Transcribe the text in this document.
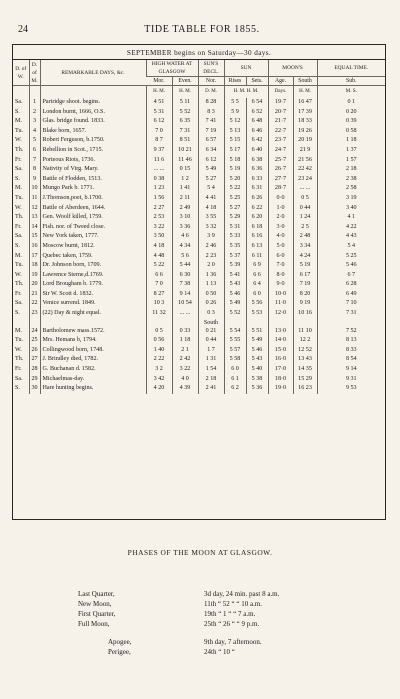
24	TIDE TABLE FOR 1855.
SEPTEMBER begins on Saturday—30 days.
D. of W.	D. of M.	REMARKABLE DAYS, &c.	HIGH WATER AT GLASGOW		SUN'S DECL.	SUN		MOON'S		EQUAL TIME.
			Mor.	Even.	Nor.	Rises	Sets.	Age.	South	Sub.
			H. M.	H. M.	D. M.	H. M. H. M.		Days.	H. M.	M. S.
Sa.	1	Partridge shoot. begins.	4 51	5 11	8 28	5 5	6 54	19·7	16 47	0 1
S.	2	London burnt, 1666, O.S.	5 31	5 52	8 3	5 9	6 52	20·7	17 39	0 20
M.	3	Glas. bridge found. 1833.	6 12	6 35	7 41	5 12	6 48	21·7	18 33	0 39
Tu.	4	Blake born, 1657.	7 0	7 31	7 19	5 13	6 46	22·7	19 26	0 58
W.	5	Robert Ferguson, b.1750.	8 7	8 51	6 57	5 15	6 42	23·7	20 19	1 18
Th.	6	Rebellion in Scot., 1715.	9 37	10 21	6 34	5 17	6 40	24·7	21 9	1 37
Fr.	7	Porteous Riots, 1736.	11 6	11 46	6 12	5 18	6 38	25·7	21 56	1 57
Sa.	8	Nativity of Virg. Mary.	... ...	0 15	5 49	5 19	6 36	26·7	22 42	2 18
S.	9	Battle of Flodden, 1513.	0 38	1 2	5 27	5 20	6 33	27·7	23 24	2 38
M.	10	Mungo Park b. 1771.	1 23	1 41	5 4	5 22	6 31	28·7	... ...	2 58
Tu.	11	J.Thomson,poet, b.1700.	1 56	2 11	4 41	5 25	6 26	0·0	0 5	3 19
W.	12	Battle of Aberdeen, 1644.	2 27	2 49	4 18	5 27	6 22	1·0	0 44	3 40
Th.	13	Gen. Woolf killed, 1759.	2 53	3 10	3 55	5 29	6 20	2·0	1 24	4 1
Fr.	14	Fish. nor. of Tweed close.	3 22	3 36	3 32	5 31	6 18	3·0	2 5	4 22
Sa.	15	New York taken, 1777.	3 50	4 6	3 9	5 33	6 16	4·0	2 48	4 43
S.	16	Moscow burnt, 1812.	4 18	4 34	2 46	5 35	6 13	5·0	3 34	5 4
M.	17	Quebec taken, 1759.	4 48	5 6	2 23	5 37	6 11	6·0	4 24	5 25
Tu.	18	Dr. Johnson born, 1709.	5 22	5 44	2 0	5 39	6 9	7·0	5 19	5 46
W.	19	Lawrence Sterne,d.1769.	6 6	6 30	1 36	5 41	6 6	8·0	6 17	6 7
Th.	20	Lord Brougham b. 1779.	7 0	7 38	1 13	5 43	6 4	9·0	7 19	6 28
Fr.	21	Sir W. Scott d. 1832.	8 27	9 14	0 50	5 46	6 0	10·0	8 20	6 49
Sa.	22	Venice surrend. 1849.	10 3	10 54	0 26	5 49	5 56	11·0	9 19	7 10
S.	23	(22) Day & night equal.	11 32	... ...	0 3	5 52	5 53	12·0	10 16	7 31
					South					
M.	24	Bartholomew mass.1572.	0 5	0 33	0 21	5 54	5 51	13·0	11 10	7 52
Tu.	25	Mrs. Hemans b, 1794.	0 56	1 18	0 44	5 55	5 49	14·0	12 2	8 13
W.	26	Collingwood born, 1748.	1 40	2 1	1 7	5 57	5 46	15·0	12 52	8 33
Th.	27	J. Brindley died, 1782.	2 22	2 42	1 31	5 58	5 43	16·0	13 43	8 54
Fr.	28	G. Buchanan d. 1582.	3 2	3 22	1 54	6 0	5 40	17·0	14 35	9 14
Sa.	29	Michaelmas-day.	3 42	4 0	2 18	6 1	5 38	18·0	15 29	9 31
S.	30	Hare hunting begins.	4 20	4 39	2 41	6 2	5 36	19·0	16 23	9 53
PHASES OF THE MOON AT GLASGOW.
Last Quarter,	3d day, 24 min. past 8 a.m.
New Moon,	11th “ 52 “ “ 10 a.m.
First Quarter,	19th “ 1 “ “ 7 a.m.
Full Moon,	25th “ 26 “ “ 9 p.m.
Apogee,	9th day, 7 afternoon.
Perigee,	24th “ 10 “
